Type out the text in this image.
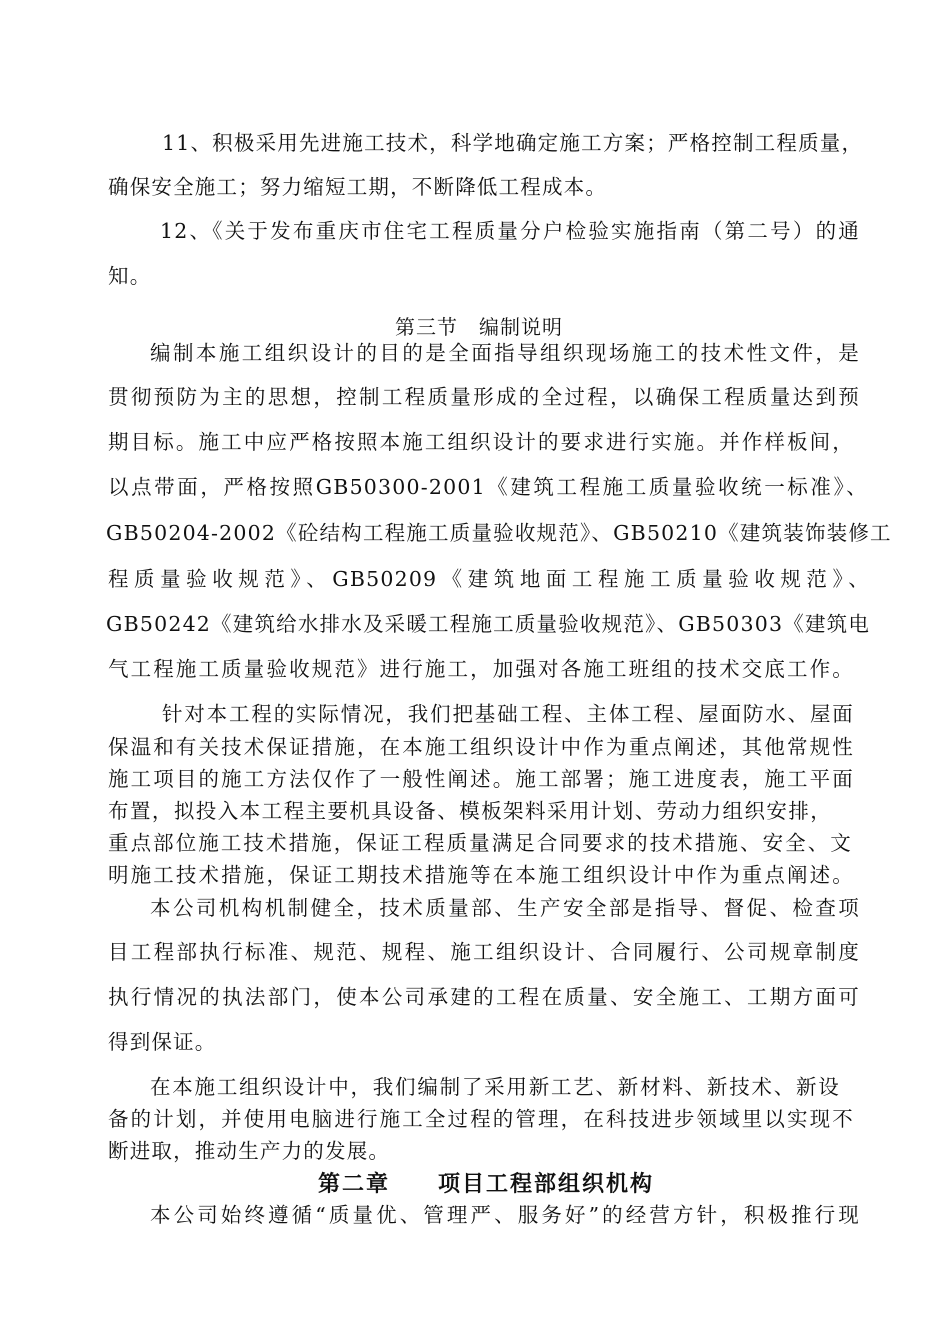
11、积极采用先进施工技术，科学地确定施工方案；严格控制工程质量，
确保安全施工；努力缩短工期，不断降低工程成本。
12、《关于发布重庆市住宅工程质量分户检验实施指南（第二号）的通
知。
第三节　编制说明
编制本施工组织设计的目的是全面指导组织现场施工的技术性文件，是
贯彻预防为主的思想，控制工程质量形成的全过程，以确保工程质量达到预
期目标。施工中应严格按照本施工组织设计的要求进行实施。并作样板间，
以点带面，严格按照GB50300-2001《建筑工程施工质量验收统一标准》、
GB50204-2002《砼结构工程施工质量验收规范》、GB50210《建筑装饰装修工
程质量验收规范》、GB50209《建筑地面工程施工质量验收规范》、
GB50242《建筑给水排水及采暖工程施工质量验收规范》、GB50303《建筑电
气工程施工质量验收规范》进行施工，加强对各施工班组的技术交底工作。
针对本工程的实际情况，我们把基础工程、主体工程、屋面防水、屋面
保温和有关技术保证措施，在本施工组织设计中作为重点阐述，其他常规性
施工项目的施工方法仅作了一般性阐述。施工部署；施工进度表，施工平面
布置，拟投入本工程主要机具设备、模板架料采用计划、劳动力组织安排，
重点部位施工技术措施，保证工程质量满足合同要求的技术措施、安全、文
明施工技术措施，保证工期技术措施等在本施工组织设计中作为重点阐述。
本公司机构机制健全，技术质量部、生产安全部是指导、督促、检查项
目工程部执行标准、规范、规程、施工组织设计、合同履行、公司规章制度
执行情况的执法部门，使本公司承建的工程在质量、安全施工、工期方面可
得到保证。
在本施工组织设计中，我们编制了采用新工艺、新材料、新技术、新设
备的计划，并使用电脑进行施工全过程的管理，在科技进步领域里以实现不
断进取，推动生产力的发展。
第二章　　项目工程部组织机构
本公司始终遵循“质量优、管理严、服务好”的经营方针，积极推行现
